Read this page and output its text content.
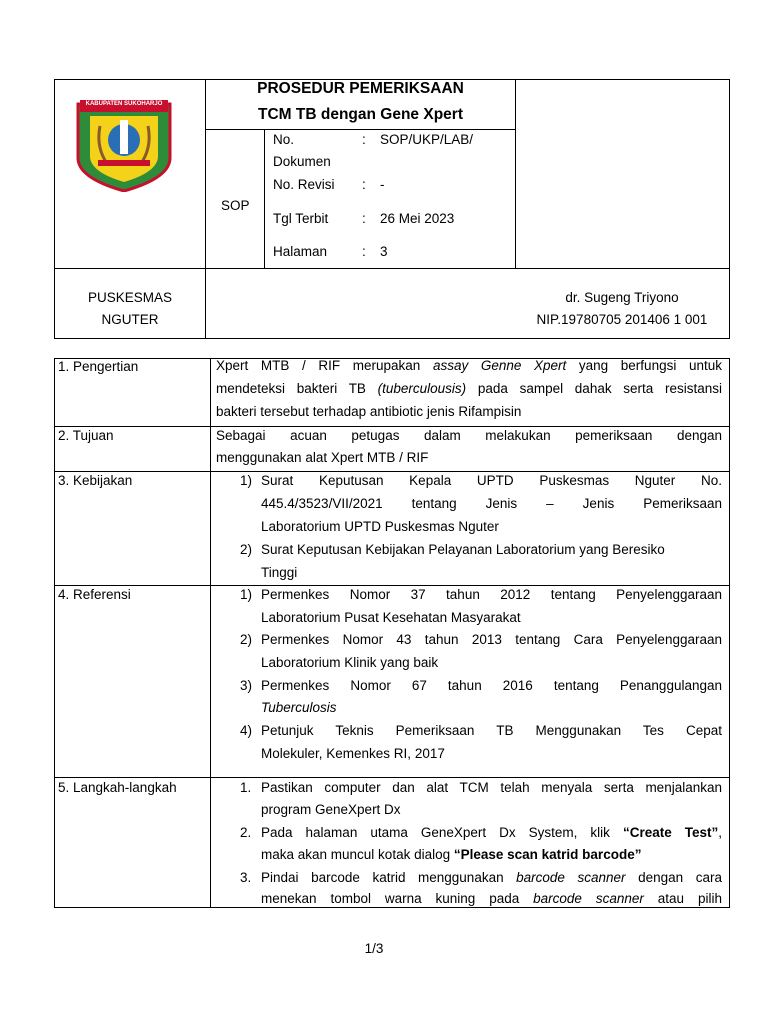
KABUPATEN SUKOHARJO
PROSEDUR PEMERIKSAAN
TCM TB dengan Gene Xpert
SOP
No.	: SOP/UKP/LAB/
Dokumen
No. Revisi : -
Tgl Terbit : 26 Mei 2023
Halaman	: 3
PUSKESMAS
NGUTER
dr. Sugeng Triyono
NIP.19780705 201406 1 001
1. Pengertian	Xpert MTB / RIF merupakan assay Genne Xpert yang berfungsi untuk
mendeteksi bakteri TB (tuberculousis) pada sampel dahak serta resistansi
bakteri tersebut terhadap antibiotic jenis Rifampisin
2. Tujuan	Sebagai acuan petugas dalam melakukan pemeriksaan dengan
menggunakan alat Xpert MTB / RIF
3. Kebijakan	1) Surat Keputusan Kepala UPTD Puskesmas Nguter No.
445.4/3523/VII/2021 tentang Jenis – Jenis Pemeriksaan
Laboratorium UPTD Puskesmas Nguter
2) Surat Keputusan Kebijakan Pelayanan Laboratorium yang Beresiko
Tinggi
4. Referensi	1) Permenkes Nomor 37 tahun 2012 tentang Penyelenggaraan
Laboratorium Pusat Kesehatan Masyarakat
2) Permenkes Nomor 43 tahun 2013 tentang Cara Penyelenggaraan
Laboratorium Klinik yang baik
3) Permenkes Nomor 67 tahun 2016 tentang Penanggulangan
Tuberculosis
4) Petunjuk Teknis Pemeriksaan TB Menggunakan Tes Cepat
Molekuler, Kemenkes RI, 2017
5. Langkah-langkah	1. Pastikan computer dan alat TCM telah menyala serta menjalankan
program GeneXpert Dx
2. Pada halaman utama GeneXpert Dx System, klik “Create Test”,
maka akan muncul kotak dialog “Please scan katrid barcode”
3. Pindai barcode katrid menggunakan barcode scanner dengan cara
menekan tombol warna kuning pada barcode scanner atau pilih
1/3
